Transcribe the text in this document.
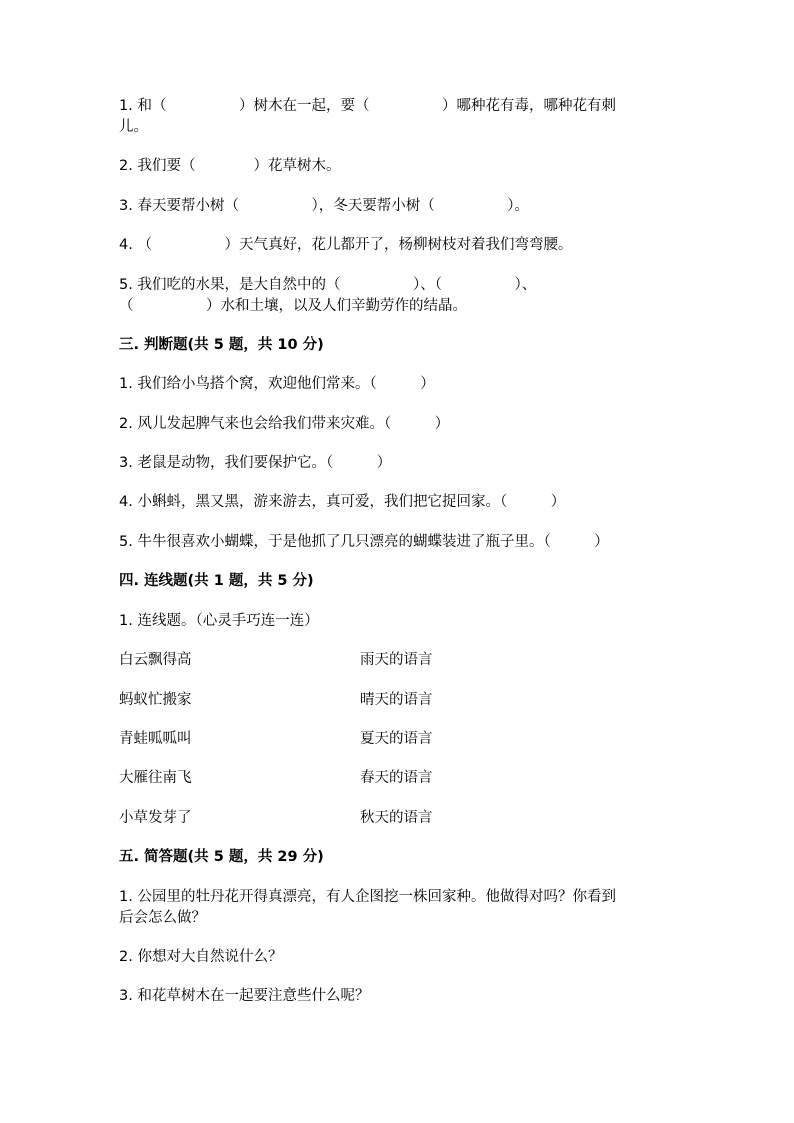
1. 和（　　　　　）树木在一起，要（　　　　　）哪种花有毒，哪种花有刺
儿。
2. 我们要（　　　　）花草树木。
3. 春天要帮小树（　　　　　），冬天要帮小树（　　　　　）。
4. （　　　　　）天气真好，花儿都开了，杨柳树枝对着我们弯弯腰。
5. 我们吃的水果，是大自然中的（　　　　　）、（　　　　　）、
（　　　　　）水和土壤，以及人们辛勤劳作的结晶。
三. 判断题(共 5 题，共 10 分)
1. 我们给小鸟搭个窝，欢迎他们常来。（　　　）
2. 风儿发起脾气来也会给我们带来灾难。（　　　）
3. 老鼠是动物，我们要保护它。（　　　）
4. 小蝌蚪，黑又黑，游来游去，真可爱，我们把它捉回家。（　　　）
5. 牛牛很喜欢小蝴蝶，于是他抓了几只漂亮的蝴蝶装进了瓶子里。（　　　）
四. 连线题(共 1 题，共 5 分)
1. 连线题。（心灵手巧连一连）
白云飘得高	雨天的语言
蚂蚁忙搬家	晴天的语言
青蛙呱呱叫	夏天的语言
大雁往南飞	春天的语言
小草发芽了	秋天的语言
五. 简答题(共 5 题，共 29 分)
1. 公园里的牡丹花开得真漂亮，有人企图挖一株回家种。他做得对吗？你看到
后会怎么做？
2. 你想对大自然说什么？
3. 和花草树木在一起要注意些什么呢？
